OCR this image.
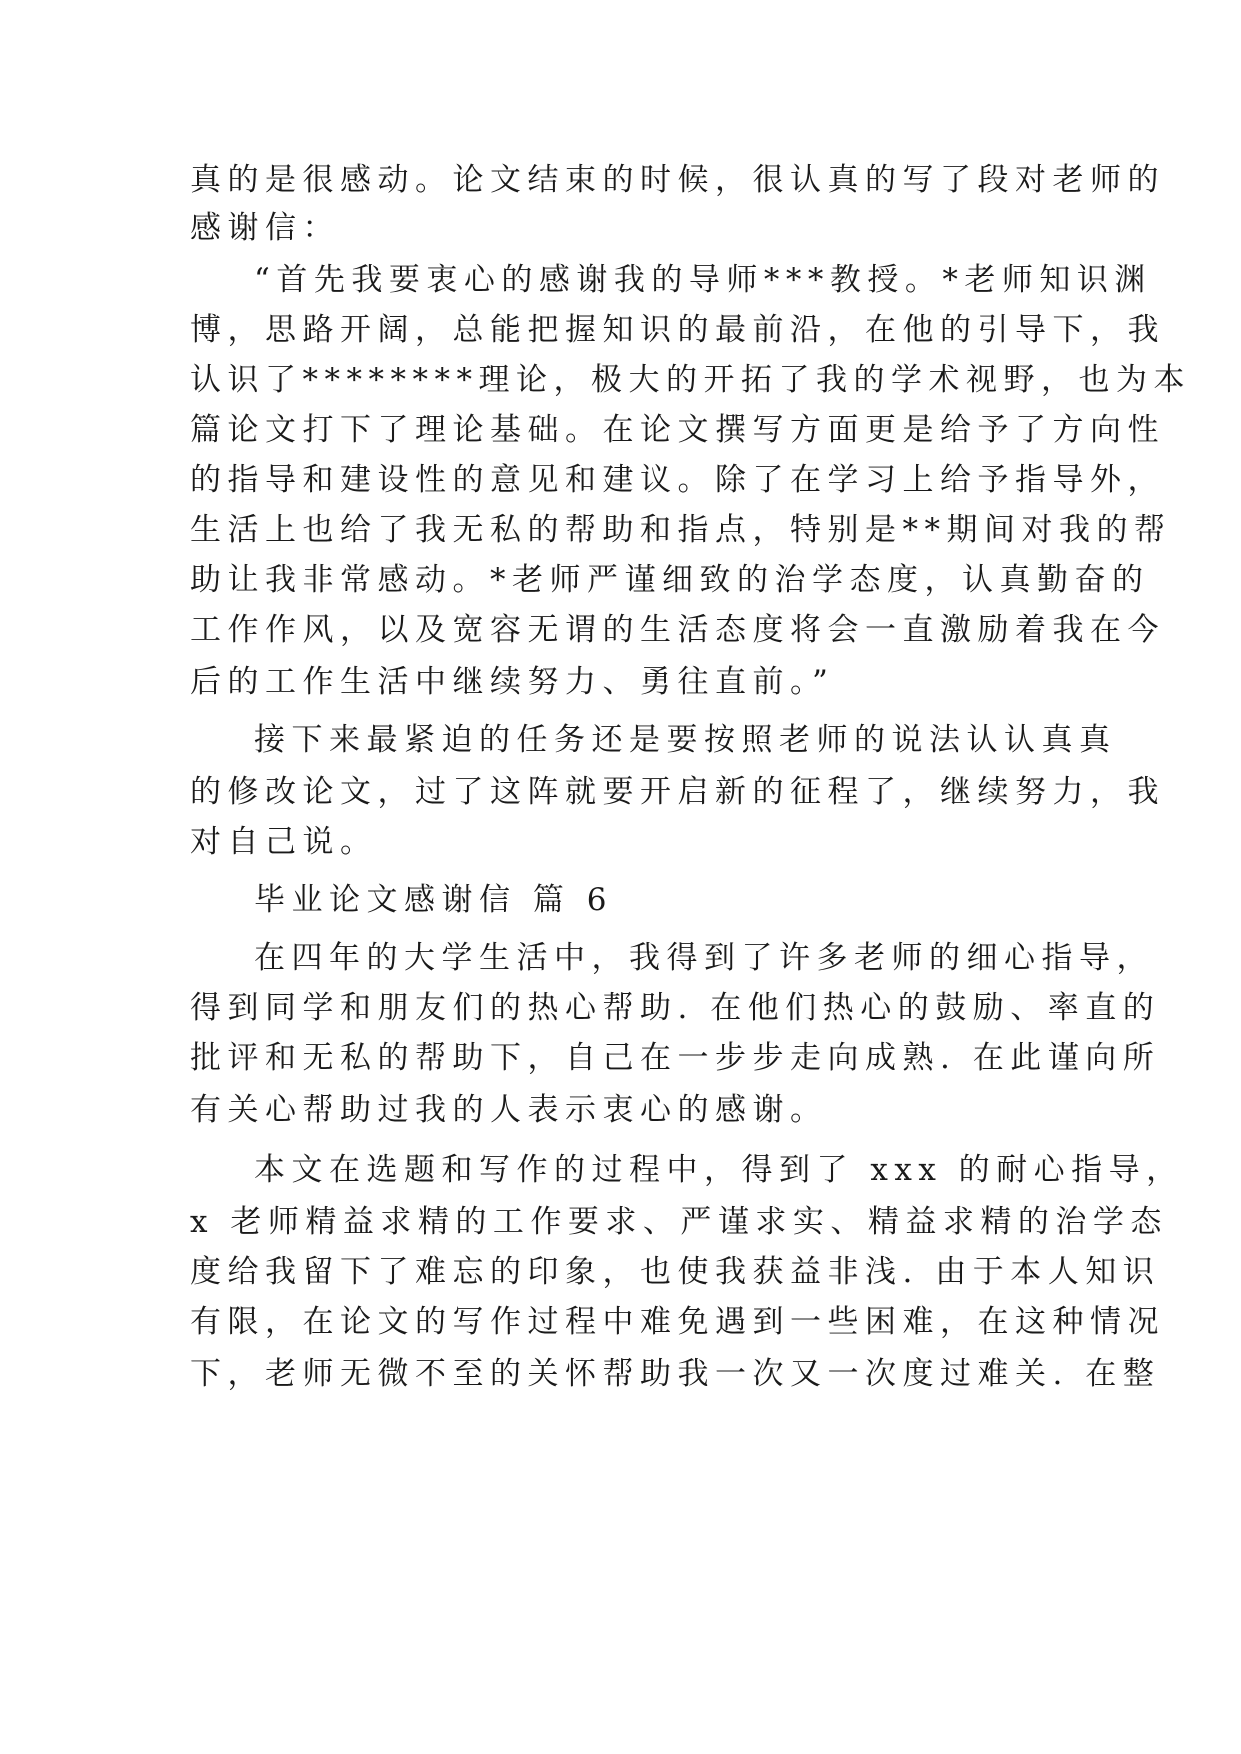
真的是很感动。论文结束的时候，很认真的写了段对老师的
感谢信：
“首先我要衷心的感谢我的导师***教授。*老师知识渊
博，思路开阔，总能把握知识的最前沿，在他的引导下，我
认识了********理论，极大的开拓了我的学术视野，也为本
篇论文打下了理论基础。在论文撰写方面更是给予了方向性
的指导和建设性的意见和建议。除了在学习上给予指导外，
生活上也给了我无私的帮助和指点，特别是**期间对我的帮
助让我非常感动。*老师严谨细致的治学态度，认真勤奋的
工作作风，以及宽容无谓的生活态度将会一直激励着我在今
后的工作生活中继续努力、勇往直前。”
接下来最紧迫的任务还是要按照老师的说法认认真真
的修改论文，过了这阵就要开启新的征程了，继续努力，我
对自己说。
毕业论文感谢信 篇 6
在四年的大学生活中，我得到了许多老师的细心指导，
得到同学和朋友们的热心帮助. 在他们热心的鼓励、率直的
批评和无私的帮助下，自己在一步步走向成熟. 在此谨向所
有关心帮助过我的人表示衷心的感谢。
本文在选题和写作的过程中，得到了 xxx 的耐心指导，
x 老师精益求精的工作要求、严谨求实、精益求精的治学态
度给我留下了难忘的印象，也使我获益非浅. 由于本人知识
有限，在论文的写作过程中难免遇到一些困难，在这种情况
下，老师无微不至的关怀帮助我一次又一次度过难关. 在整
